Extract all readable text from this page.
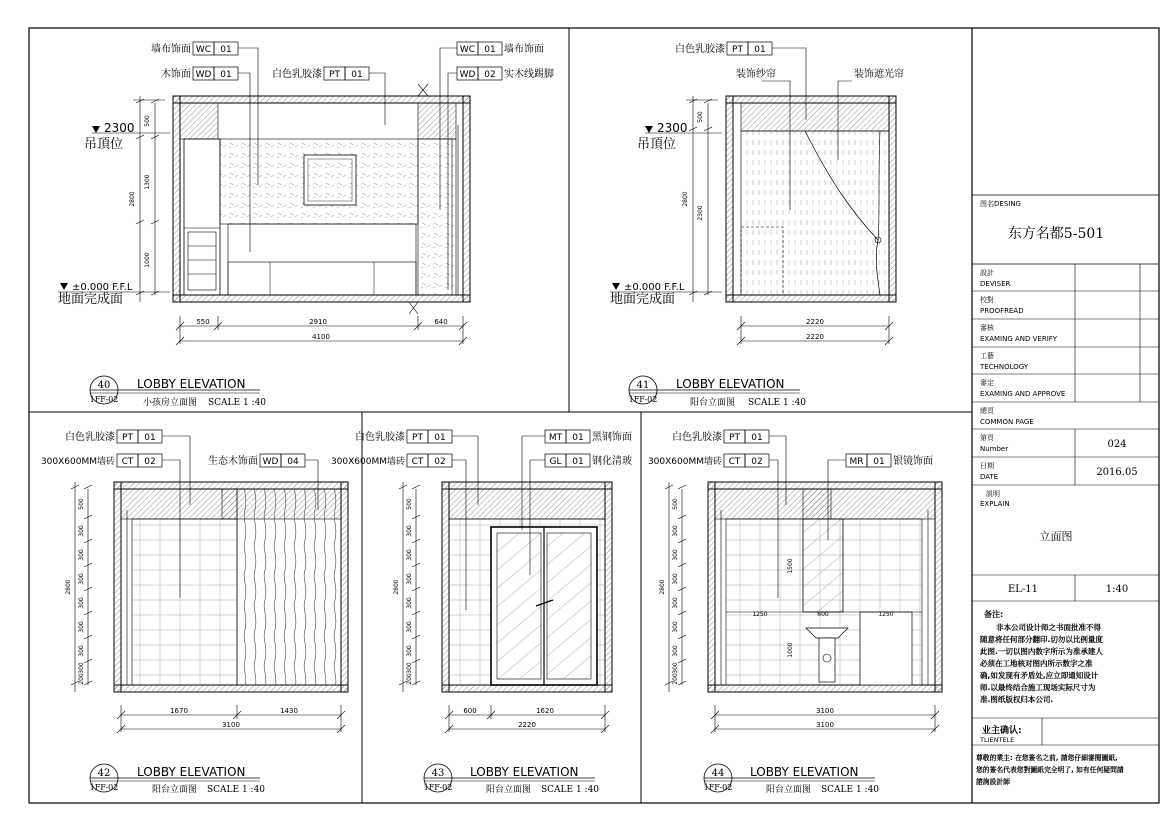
500
1300
2800
1000
2300
吊頂位
±0.000 F.F.L
地面完成面
550	2910	640
4100
墙布饰面 WC 01
木饰面 WD 01	白色乳胶漆 PT 01
WC 01 墙布饰面
WD 02 实木线踢脚
40
1FF-02
LOBBY ELEVATION
小孩房立面图 SCALE 1 :40
500
2800
2300
2300
吊頂位
±0.000 F.F.L
地面完成面
2220
2220
白色乳胶漆 PT 01
装饰纱帘	装饰遮光帘
41
1FF-02
LOBBY ELEVATION
阳台立面图 SCALE 1 :40
500
300
2800
300
300
300
300
300
300
200
1670	1430
3100
白色乳胶漆 PT 01
300X600MM墙砖 CT 02	生态木饰面 WD 04
42
1FF-02
LOBBY ELEVATION
阳台立面图 SCALE 1 :40
500
300
2800
300
300
300
300
300
300
200
600	1620
2220
白色乳胶漆 PT 01
300X600MM墙砖 CT 02
MT 01 黑钢饰面
GL 01 钢化清玻
43
1FF-02
LOBBY ELEVATION
阳台立面图 SCALE 1 :40
1250	600	1250
1000
1500
500
300
2800
300
300
300
300
300
300
200
3100
3100
白色乳胶漆 PT 01
300X600MM墙砖 CT 02	MR 01 银镜饰面
44
1FF-02
LOBBY ELEVATION
阳台立面图 SCALE 1 :40
图名DESING
东方名都5-501
設計
DEVISER
校對
PROOFREAD
審核
EXAMING AND VERIFY
工藝
TECHNOLOGY
審定
EXAMING AND APPROVE
總頁
COMMON PAGE
第頁
Number	024
日期
DATE	2016.05
説明
EXPLAIN
立面图
EL-11	1:40
备注:
非本公司设计师之书面批准不得
随意将任何部分翻印.切勿以比例量度
此图.一切以图内数字所示为准承建人
必须在工地核对图内所示数字之准
确,如发现有矛盾处,应立即通知设计
师.以最终结合施工现场实际尺寸为
准.图纸版权归本公司.
业主确认:
TLIENTELE
尊敬的業主: 在您簽名之前, 請您仔細審閱圖紙,
您的簽名代表您對圖紙完全明了, 如有任何疑問請
諮詢設計師
